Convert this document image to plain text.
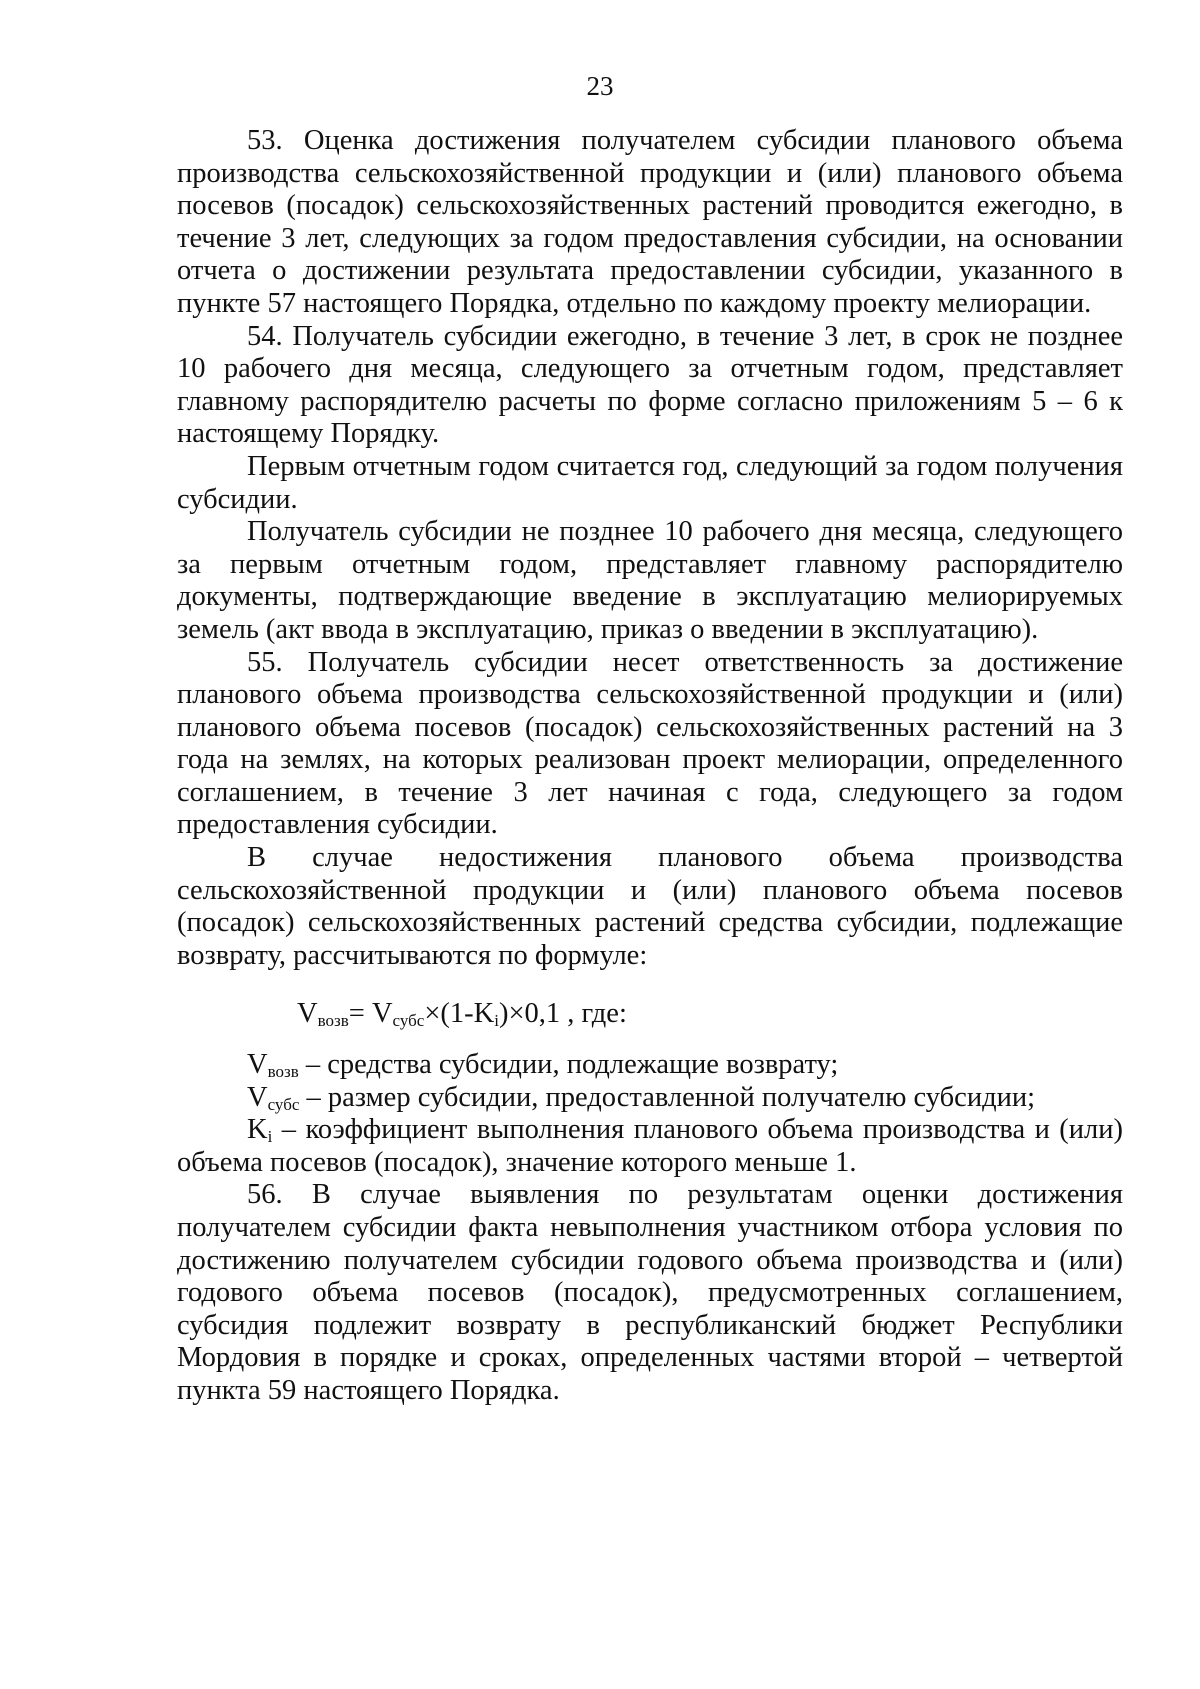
23

53. Оценка достижения получателем субсидии планового объема производства сельскохозяйственной продукции и (или) планового объема посевов (посадок) сельскохозяйственных растений проводится ежегодно, в течение 3 лет, следующих за годом предоставления субсидии, на основании отчета о достижении результата предоставлении субсидии, указанного в пункте 57 настоящего Порядка, отдельно по каждому проекту мелиорации.

54. Получатель субсидии ежегодно, в течение 3 лет, в срок не позднее 10 рабочего дня месяца, следующего за отчетным годом, представляет главному распорядителю расчеты по форме согласно приложениям 5 – 6 к настоящему Порядку.

Первым отчетным годом считается год, следующий за годом получения субсидии.

Получатель субсидии не позднее 10 рабочего дня месяца, следующего за первым отчетным годом, представляет главному распорядителю документы, подтверждающие введение в эксплуатацию мелиорируемых земель (акт ввода в эксплуатацию, приказ о введении в эксплуатацию).

55. Получатель субсидии несет ответственность за достижение планового объема производства сельскохозяйственной продукции и (или) планового объема посевов (посадок) сельскохозяйственных растений на 3 года на землях, на которых реализован проект мелиорации, определенного соглашением, в течение 3 лет начиная с года, следующего за годом предоставления субсидии.

В случае недостижения планового объема производства сельскохозяйственной продукции и (или) планового объема посевов (посадок) сельскохозяйственных растений средства субсидии, подлежащие возврату, рассчитываются по формуле:

$V_{возв}= V_{субс}\times(1-K_i)\times 0,1$ , где:

$V_{возв}$ – средства субсидии, подлежащие возврату;

$V_{субс}$ – размер субсидии, предоставленной получателю субсидии;

$K_i$ – коэффициент выполнения планового объема производства и (или) объема посевов (посадок), значение которого меньше 1.

56. В случае выявления по результатам оценки достижения получателем субсидии факта невыполнения участником отбора условия по достижению получателем субсидии годового объема производства и (или) годового объема посевов (посадок), предусмотренных соглашением, субсидия подлежит возврату в республиканский бюджет Республики Мордовия в порядке и сроках, определенных частями второй – четвертой пункта 59 настоящего Порядка.
